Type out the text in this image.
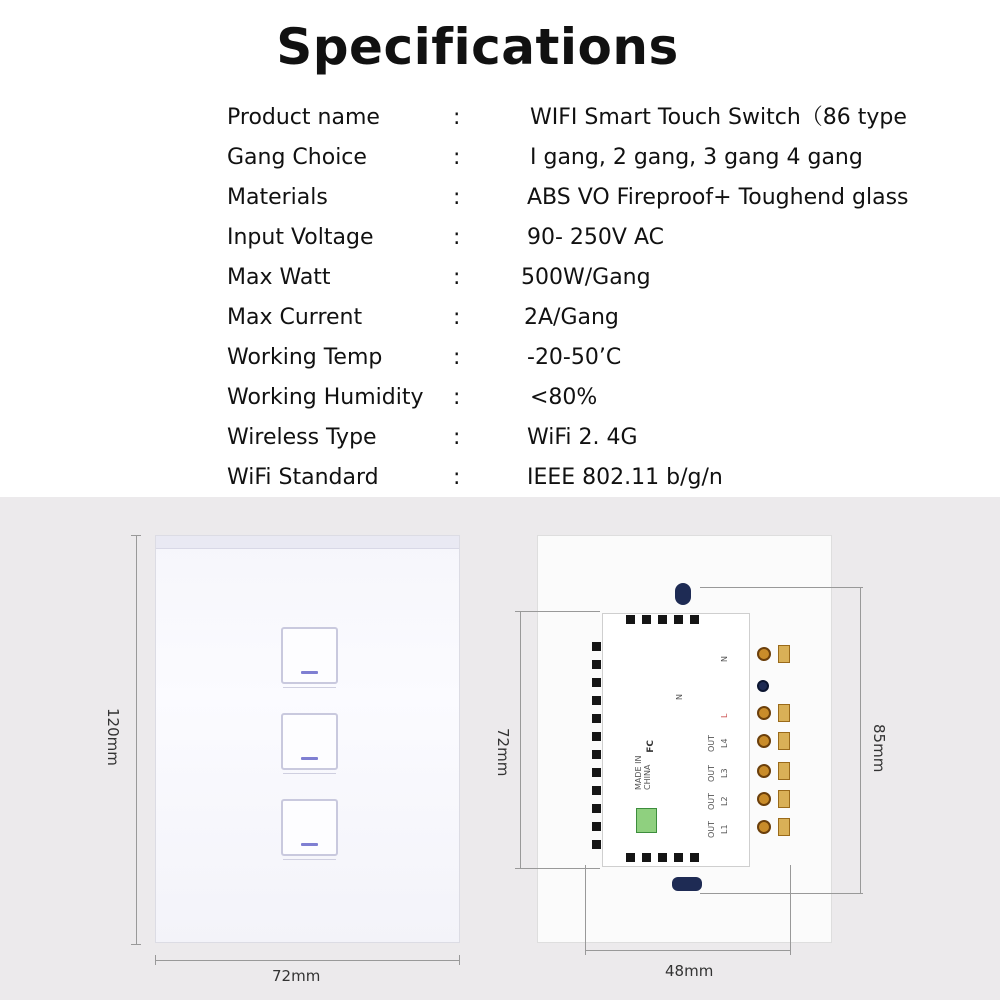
Specifications
Product name	:	WIFI Smart Touch Switch（86 type
Gang Choice	:	I gang, 2 gang, 3 gang 4 gang
Materials	:	ABS VO Fireproof+ Toughend glass
Input Voltage	:	90- 250V AC
Max Watt	:	500W/Gang
Max Current	:	2A/Gang
Working Temp	:	-20-50’C
Working Humidity :	<80%
Wireless Type	:	WiFi 2. 4G
WiFi Standard	:	IEEE 802.11 b/g/n
120mm
72mm
72mm	85mm
48mm
N
FC
MADE IN CHINA
N
L
L4
L3
L2
L1
OUT
OUT
OUT
OUT
